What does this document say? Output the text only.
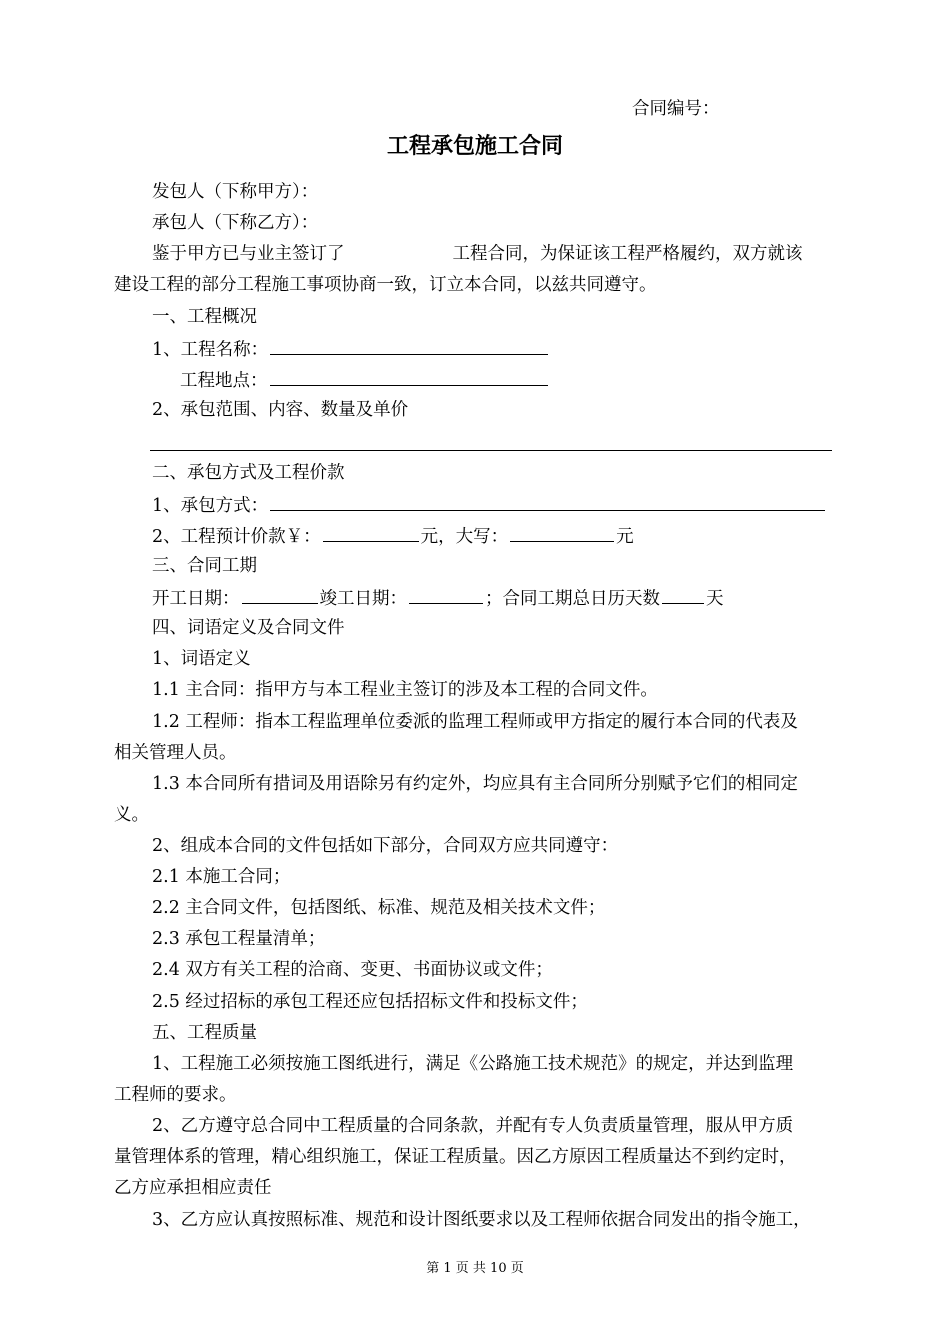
合同编号：
工程承包施工合同
发包人（下称甲方）：
承包人（下称乙方）：
鉴于甲方已与业主签订了	工程合同，为保证该工程严格履约，双方就该
建设工程的部分工程施工事项协商一致，订立本合同，以兹共同遵守。
一、工程概况
1、工程名称：
工程地点：
2、承包范围、内容、数量及单价
二、承包方式及工程价款
1、承包方式：
2、工程预计价款￥：	元，大写：	元
三、合同工期
开工日期：	竣工日期：	；合同工期总日历天数	天
四、词语定义及合同文件
1、词语定义
1.1 主合同：指甲方与本工程业主签订的涉及本工程的合同文件。
1.2 工程师：指本工程监理单位委派的监理工程师或甲方指定的履行本合同的代表及
相关管理人员。
1.3 本合同所有措词及用语除另有约定外，均应具有主合同所分别赋予它们的相同定
义。
2、组成本合同的文件包括如下部分，合同双方应共同遵守：
2.1 本施工合同；
2.2 主合同文件，包括图纸、标准、规范及相关技术文件；
2.3 承包工程量清单；
2.4 双方有关工程的洽商、变更、书面协议或文件；
2.5 经过招标的承包工程还应包括招标文件和投标文件；
五、工程质量
1、工程施工必须按施工图纸进行，满足《公路施工技术规范》的规定，并达到监理
工程师的要求。
2、乙方遵守总合同中工程质量的合同条款，并配有专人负责质量管理，服从甲方质
量管理体系的管理，精心组织施工，保证工程质量。因乙方原因工程质量达不到约定时，
乙方应承担相应责任
3、乙方应认真按照标准、规范和设计图纸要求以及工程师依据合同发出的指令施工，
第 1 页 共 10 页
